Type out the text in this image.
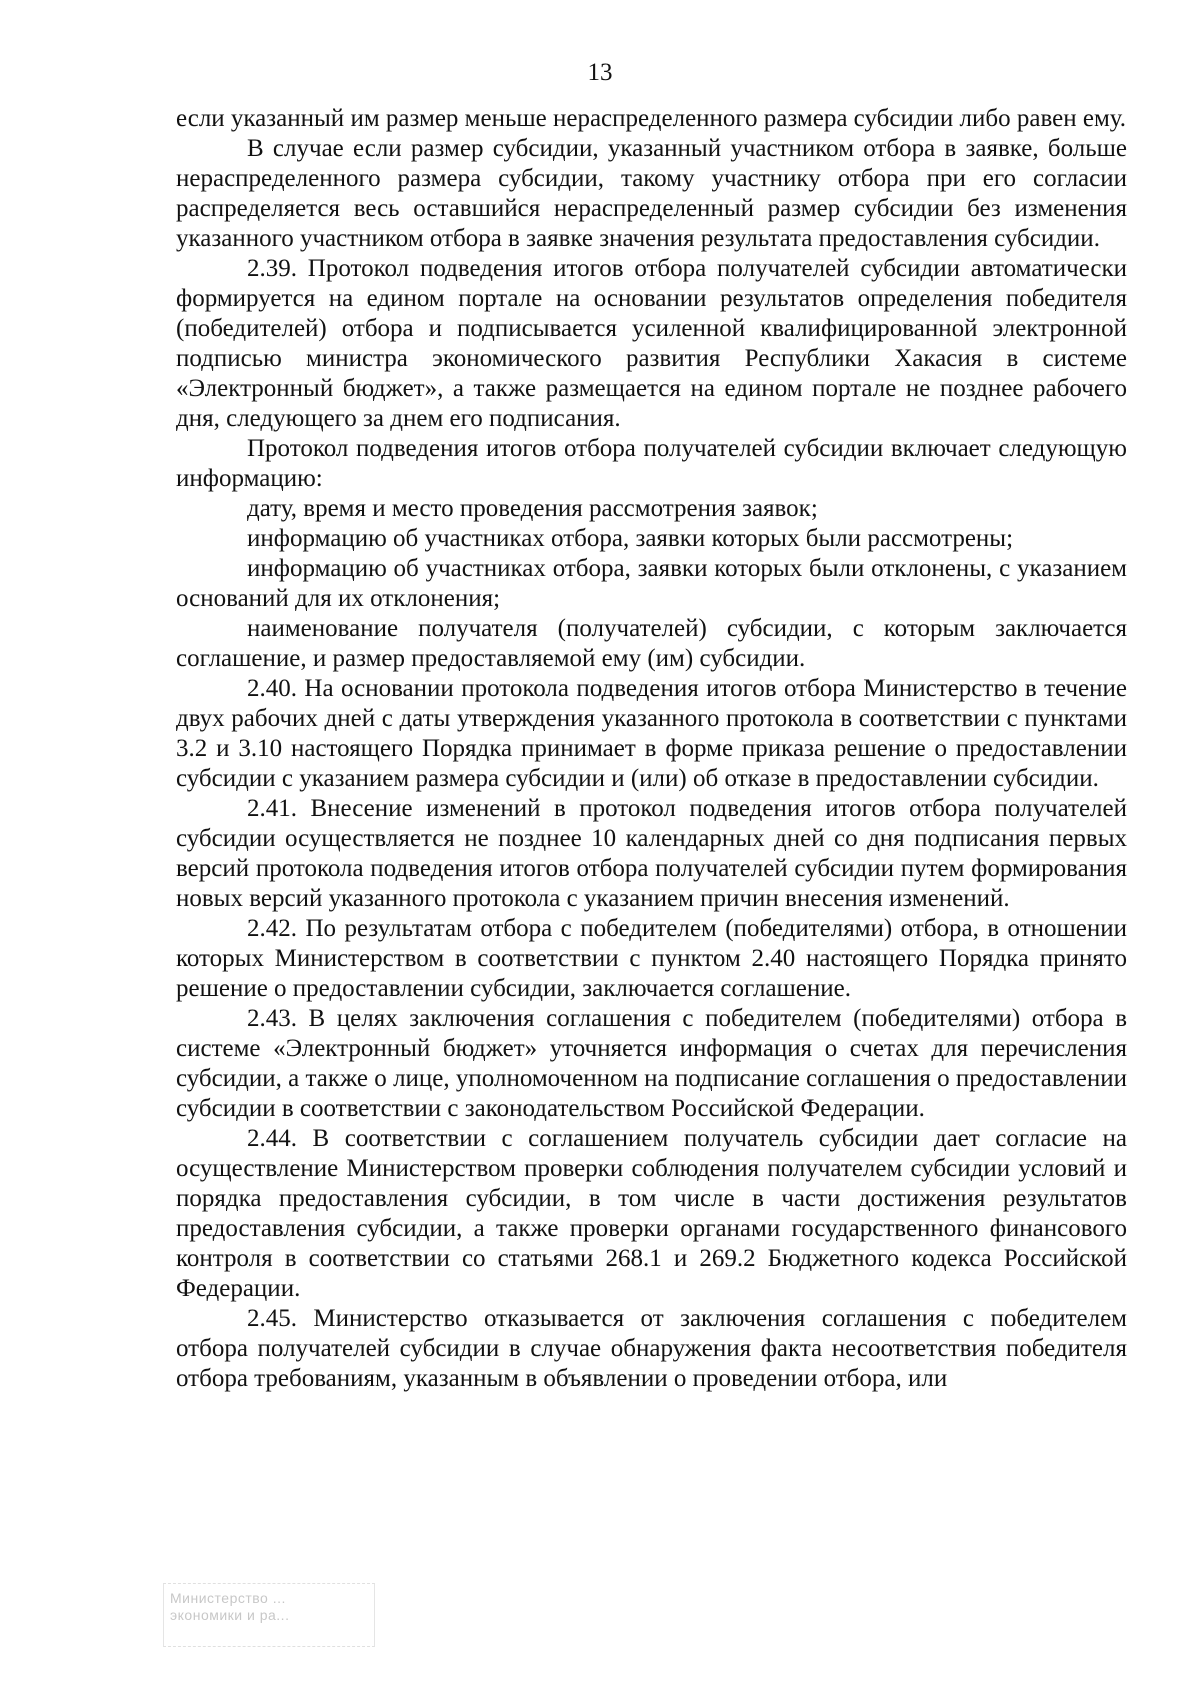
13

если указанный им размер меньше нераспределенного размера субсидии либо равен ему.

В случае если размер субсидии, указанный участником отбора в заявке, больше нераспределенного размера субсидии, такому участнику отбора при его согласии распределяется весь оставшийся нераспределенный размер субсидии без изменения указанного участником отбора в заявке значения результата предоставления субсидии.

2.39. Протокол подведения итогов отбора получателей субсидии автоматически формируется на едином портале на основании результатов определения победителя (победителей) отбора и подписывается усиленной квалифицированной электронной подписью министра экономического развития Республики Хакасия в системе «Электронный бюджет», а также размещается на едином портале не позднее рабочего дня, следующего за днем его подписания.

Протокол подведения итогов отбора получателей субсидии включает следующую информацию:

дату, время и место проведения рассмотрения заявок;

информацию об участниках отбора, заявки которых были рассмотрены;

информацию об участниках отбора, заявки которых были отклонены, с указанием оснований для их отклонения;

наименование получателя (получателей) субсидии, с которым заключается соглашение, и размер предоставляемой ему (им) субсидии.

2.40. На основании протокола подведения итогов отбора Министерство в течение двух рабочих дней с даты утверждения указанного протокола в соответствии с пунктами 3.2 и 3.10 настоящего Порядка принимает в форме приказа решение о предоставлении субсидии с указанием размера субсидии и (или) об отказе в предоставлении субсидии.

2.41. Внесение изменений в протокол подведения итогов отбора получателей субсидии осуществляется не позднее 10 календарных дней со дня подписания первых версий протокола подведения итогов отбора получателей субсидии путем формирования новых версий указанного протокола с указанием причин внесения изменений.

2.42. По результатам отбора с победителем (победителями) отбора, в отношении которых Министерством в соответствии с пунктом 2.40 настоящего Порядка принято решение о предоставлении субсидии, заключается соглашение.

2.43. В целях заключения соглашения с победителем (победителями) отбора в системе «Электронный бюджет» уточняется информация о счетах для перечисления субсидии, а также о лице, уполномоченном на подписание соглашения о предоставлении субсидии в соответствии с законодательством Российской Федерации.

2.44. В соответствии с соглашением получатель субсидии дает согласие на осуществление Министерством проверки соблюдения получателем субсидии условий и порядка предоставления субсидии, в том числе в части достижения результатов предоставления субсидии, а также проверки органами государственного финансового контроля в соответствии со статьями 268.1 и 269.2 Бюджетного кодекса Российской Федерации.

2.45. Министерство отказывается от заключения соглашения с победителем отбора получателей субсидии в случае обнаружения факта несоответствия победителя отбора требованиям, указанным в объявлении о проведении отбора, или

Министерство ...
экономики и ра...
